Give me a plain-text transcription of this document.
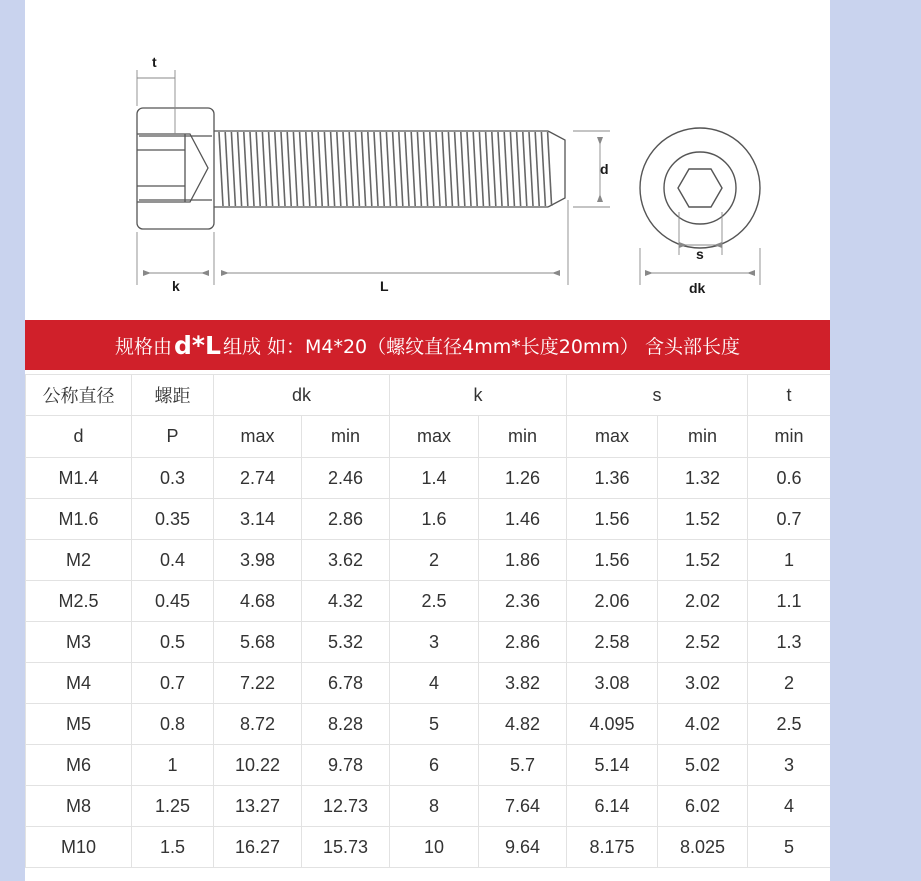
t
k	L
d
s
dk
规格由 d*L 组成 如：M4*20（螺纹直径4mm*长度20mm） 含头部长度
公称直径	螺距	dk		k		s		t
d	P	max	min	max	min	max	min	min
M1.4	0.3	2.74	2.46	1.4	1.26	1.36	1.32	0.6
M1.6	0.35	3.14	2.86	1.6	1.46	1.56	1.52	0.7
M2	0.4	3.98	3.62	2	1.86	1.56	1.52	1
M2.5	0.45	4.68	4.32	2.5	2.36	2.06	2.02	1.1
M3	0.5	5.68	5.32	3	2.86	2.58	2.52	1.3
M4	0.7	7.22	6.78	4	3.82	3.08	3.02	2
M5	0.8	8.72	8.28	5	4.82	4.095	4.02	2.5
M6	1	10.22	9.78	6	5.7	5.14	5.02	3
M8	1.25	13.27	12.73	8	7.64	6.14	6.02	4
M10	1.5	16.27	15.73	10	9.64	8.175	8.025	5
